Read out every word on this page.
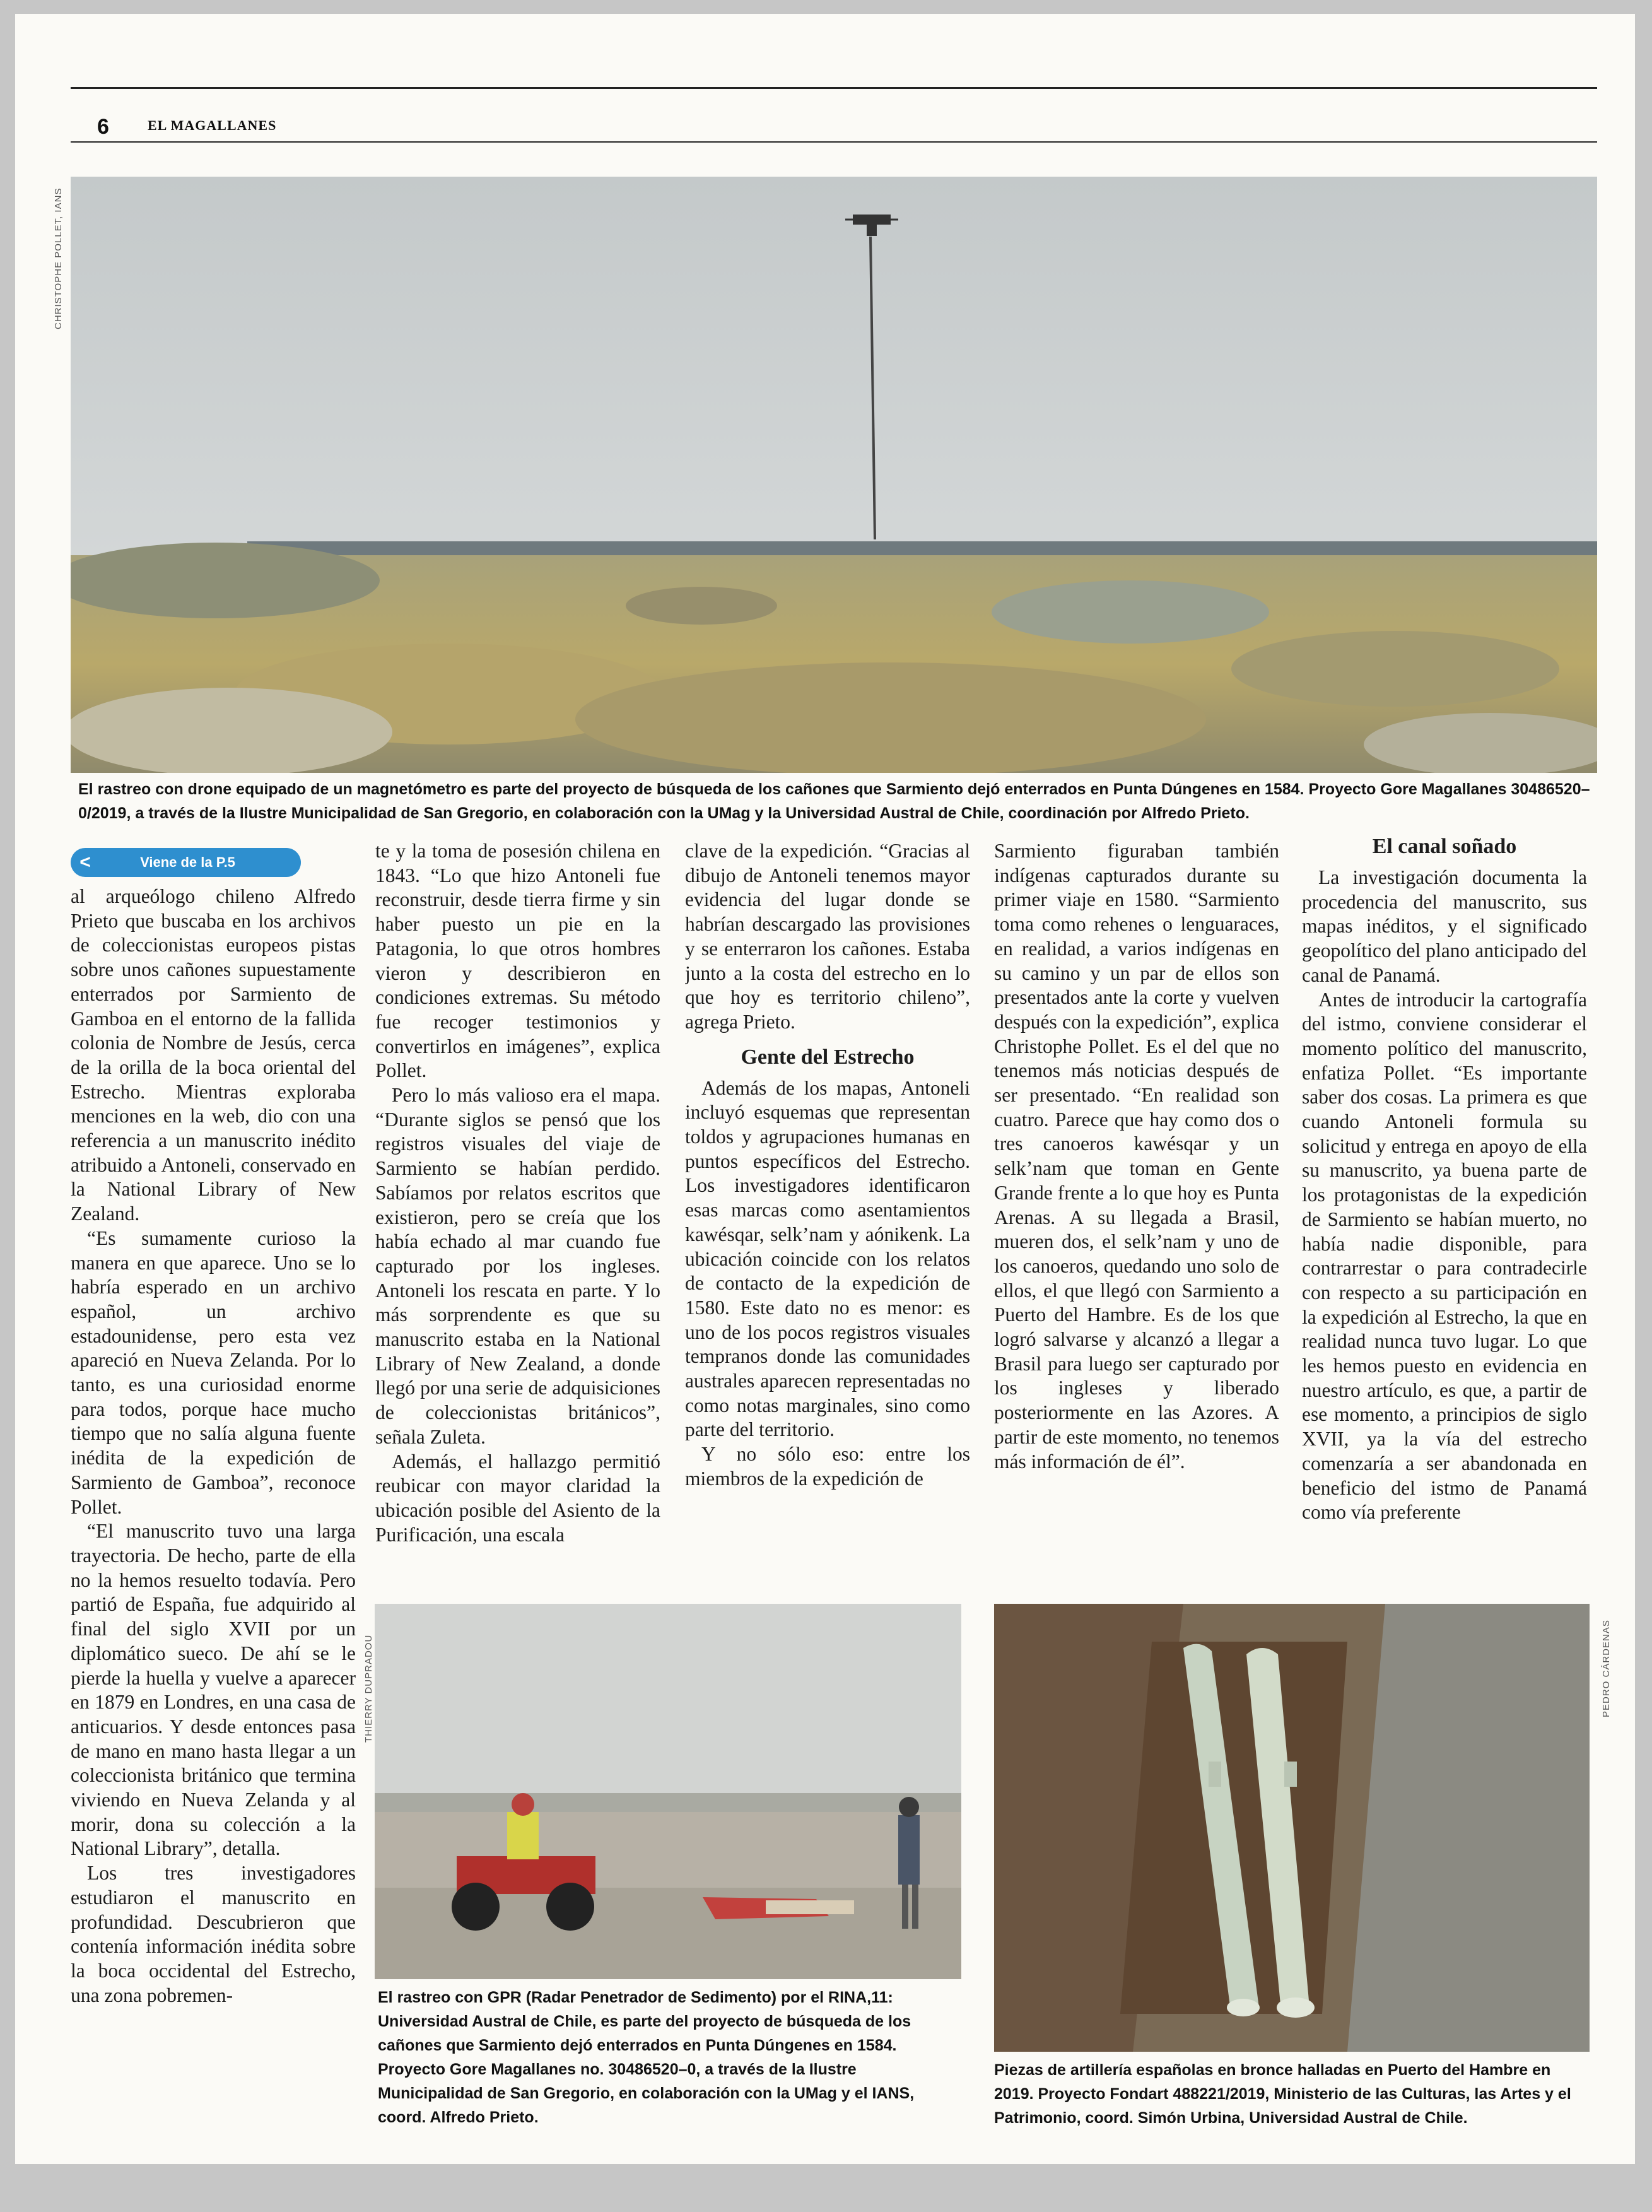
6	EL MAGALLANES
CHRISTOPHE POLLET, IANS

El rastreo con drone equipado de un magnetómetro es parte del proyecto de búsqueda de los cañones que Sarmiento dejó enterrados en Punta Dúngenes en 1584. Proyecto Gore Magallanes 30486520–0/2019, a través de la Ilustre Municipalidad de San Gregorio, en colaboración con la UMag y la Universidad Austral de Chile, coordinación por Alfredo Prieto.

<	Viene de la P.5

al arqueólogo chileno Alfredo Prieto que buscaba en los archivos de coleccionistas europeos pistas sobre unos cañones supuestamente enterrados por Sarmiento de Gamboa en el entorno de la fallida colonia de Nombre de Jesús, cerca de la orilla de la boca oriental del Estrecho. Mientras exploraba menciones en la web, dio con una referencia a un manuscrito inédito atribuido a Antoneli, conservado en la National Library of New Zealand.

“Es sumamente curioso la manera en que aparece. Uno se lo habría esperado en un archivo español, un archivo estadounidense, pero esta vez apareció en Nueva Zelanda. Por lo tanto, es una curiosidad enorme para todos, porque hace mucho tiempo que no salía alguna fuente inédita de la expedición de Sarmiento de Gamboa”, reconoce Pollet.

“El manuscrito tuvo una larga trayectoria. De hecho, parte de ella no la hemos resuelto todavía. Pero partió de España, fue adquirido al final del siglo XVII por un diplomático sueco. De ahí se le pierde la huella y vuelve a aparecer en 1879 en Londres, en una casa de anticuarios. Y desde entonces pasa de mano en mano hasta llegar a un coleccionista británico que termina viviendo en Nueva Zelanda y al morir, dona su colección a la National Library”, detalla.

Los tres investigadores estudiaron el manuscrito en profundidad. Descubrieron que contenía información inédita sobre la boca occidental del Estrecho, una zona pobremen-

te y la toma de posesión chilena en 1843. “Lo que hizo Antoneli fue reconstruir, desde tierra firme y sin haber puesto un pie en la Patagonia, lo que otros hombres vieron y describieron en condiciones extremas. Su método fue recoger testimonios y convertirlos en imágenes”, explica Pollet.

Pero lo más valioso era el mapa. “Durante siglos se pensó que los registros visuales del viaje de Sarmiento se habían perdido. Sabíamos por relatos escritos que existieron, pero se creía que los había echado al mar cuando fue capturado por los ingleses. Antoneli los rescata en parte. Y lo más sorprendente es que su manuscrito estaba en la National Library of New Zealand, a donde llegó por una serie de adquisiciones de coleccionistas británicos”, señala Zuleta.

Además, el hallazgo permitió reubicar con mayor claridad la ubicación posible del Asiento de la Purificación, una escala

clave de la expedición. “Gracias al dibujo de Antoneli tenemos mayor evidencia del lugar donde se habrían descargado las provisiones y se enterraron los cañones. Estaba junto a la costa del estrecho en lo que hoy es territorio chileno”, agrega Prieto.

Gente del Estrecho

Además de los mapas, Antoneli incluyó esquemas que representan toldos y agrupaciones humanas en puntos específicos del Estrecho. Los investigadores identificaron esas marcas como asentamientos kawésqar, selk’nam y aónikenk. La ubicación coincide con los relatos de contacto de la expedición de 1580. Este dato no es menor: es uno de los pocos registros visuales tempranos donde las comunidades australes aparecen representadas no como notas marginales, sino como parte del territorio.

Y no sólo eso: entre los miembros de la expedición de

Sarmiento figuraban también indígenas capturados durante su primer viaje en 1580. “Sarmiento toma como rehenes o lenguaraces, en realidad, a varios indígenas en su camino y un par de ellos son presentados ante la corte y vuelven después con la expedición”, explica Christophe Pollet. Es el del que no tenemos más noticias después de ser presentado. “En realidad son cuatro. Parece que hay como dos o tres canoeros kawésqar y un selk’nam que toman en Gente Grande frente a lo que hoy es Punta Arenas. A su llegada a Brasil, mueren dos, el selk’nam y uno de los canoeros, quedando uno solo de ellos, el que llegó con Sarmiento a Puerto del Hambre. Es de los que logró salvarse y alcanzó a llegar a Brasil para luego ser capturado por los ingleses y liberado posteriormente en las Azores. A partir de este momento, no tenemos más información de él”.

El canal soñado

La investigación documenta la procedencia del manuscrito, sus mapas inéditos, y el significado geopolítico del plano anticipado del canal de Panamá.

Antes de introducir la cartografía del istmo, conviene considerar el momento político del manuscrito, enfatiza Pollet. “Es importante saber dos cosas. La primera es que cuando Antoneli formula su solicitud y entrega en apoyo de ella su manuscrito, ya buena parte de los protagonistas de la expedición de Sarmiento se habían muerto, no había nadie disponible, para contrarrestar o para contradecirle con respecto a su participación en la expedición al Estrecho, la que en realidad nunca tuvo lugar. Lo que les hemos puesto en evidencia en nuestro artículo, es que, a partir de ese momento, a principios de siglo XVII, ya la vía del estrecho comenzaría a ser abandonada en beneficio del istmo de Panamá como vía preferente

THIERRY DUPRADOU

El rastreo con GPR (Radar Penetrador de Sedimento) por el RINA,11: Universidad Austral de Chile, es parte del proyecto de búsqueda de los cañones que Sarmiento dejó enterrados en Punta Dúngenes en 1584. Proyecto Gore Magallanes no. 30486520–0, a través de la Ilustre Municipalidad de San Gregorio, en colaboración con la UMag y el IANS, coord. Alfredo Prieto.

PEDRO CÁRDENAS

Piezas de artillería españolas en bronce halladas en Puerto del Hambre en 2019. Proyecto Fondart 488221/2019, Ministerio de las Culturas, las Artes y el Patrimonio, coord. Simón Urbina, Universidad Austral de Chile.
